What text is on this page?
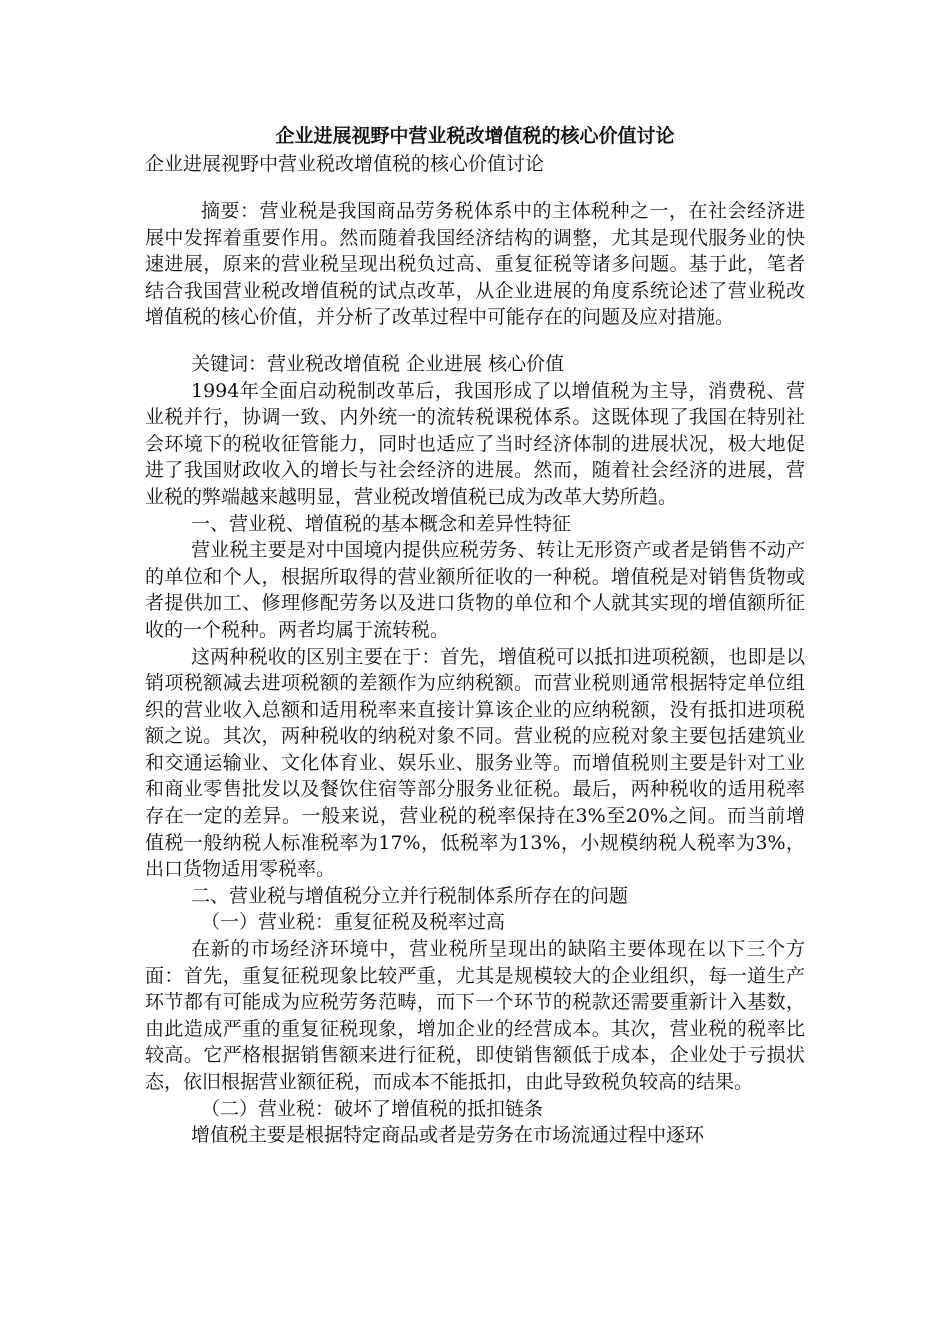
企业进展视野中营业税改增值税的核心价值讨论
企业进展视野中营业税改增值税的核心价值讨论

摘要：营业税是我国商品劳务税体系中的主体税种之一，在社会经济进展中发挥着重要作用。然而随着我国经济结构的调整，尤其是现代服务业的快速进展，原来的营业税呈现出税负过高、重复征税等诸多问题。基于此，笔者结合我国营业税改增值税的试点改革，从企业进展的角度系统论述了营业税改增值税的核心价值，并分析了改革过程中可能存在的问题及应对措施。

关键词：营业税改增值税 企业进展 核心价值

1994年全面启动税制改革后，我国形成了以增值税为主导，消费税、营业税并行，协调一致、内外统一的流转税课税体系。这既体现了我国在特别社会环境下的税收征管能力，同时也适应了当时经济体制的进展状况，极大地促进了我国财政收入的增长与社会经济的进展。然而，随着社会经济的进展，营业税的弊端越来越明显，营业税改增值税已成为改革大势所趋。

一、营业税、增值税的基本概念和差异性特征

营业税主要是对中国境内提供应税劳务、转让无形资产或者是销售不动产的单位和个人，根据所取得的营业额所征收的一种税。增值税是对销售货物或者提供加工、修理修配劳务以及进口货物的单位和个人就其实现的增值额所征收的一个税种。两者均属于流转税。

这两种税收的区别主要在于：首先，增值税可以抵扣进项税额，也即是以销项税额减去进项税额的差额作为应纳税额。而营业税则通常根据特定单位组织的营业收入总额和适用税率来直接计算该企业的应纳税额，没有抵扣进项税额之说。其次，两种税收的纳税对象不同。营业税的应税对象主要包括建筑业和交通运输业、文化体育业、娱乐业、服务业等。而增值税则主要是针对工业和商业零售批发以及餐饮住宿等部分服务业征税。最后，两种税收的适用税率存在一定的差异。一般来说，营业税的税率保持在3%至20%之间。而当前增值税一般纳税人标准税率为17%，低税率为13%，小规模纳税人税率为3%，出口货物适用零税率。

二、营业税与增值税分立并行税制体系所存在的问题

（一）营业税：重复征税及税率过高

在新的市场经济环境中，营业税所呈现出的缺陷主要体现在以下三个方面：首先，重复征税现象比较严重，尤其是规模较大的企业组织，每一道生产环节都有可能成为应税劳务范畴，而下一个环节的税款还需要重新计入基数，由此造成严重的重复征税现象，增加企业的经营成本。其次，营业税的税率比较高。它严格根据销售额来进行征税，即使销售额低于成本，企业处于亏损状态，依旧根据营业额征税，而成本不能抵扣，由此导致税负较高的结果。

（二）营业税：破坏了增值税的抵扣链条

增值税主要是根据特定商品或者是劳务在市场流通过程中逐环
